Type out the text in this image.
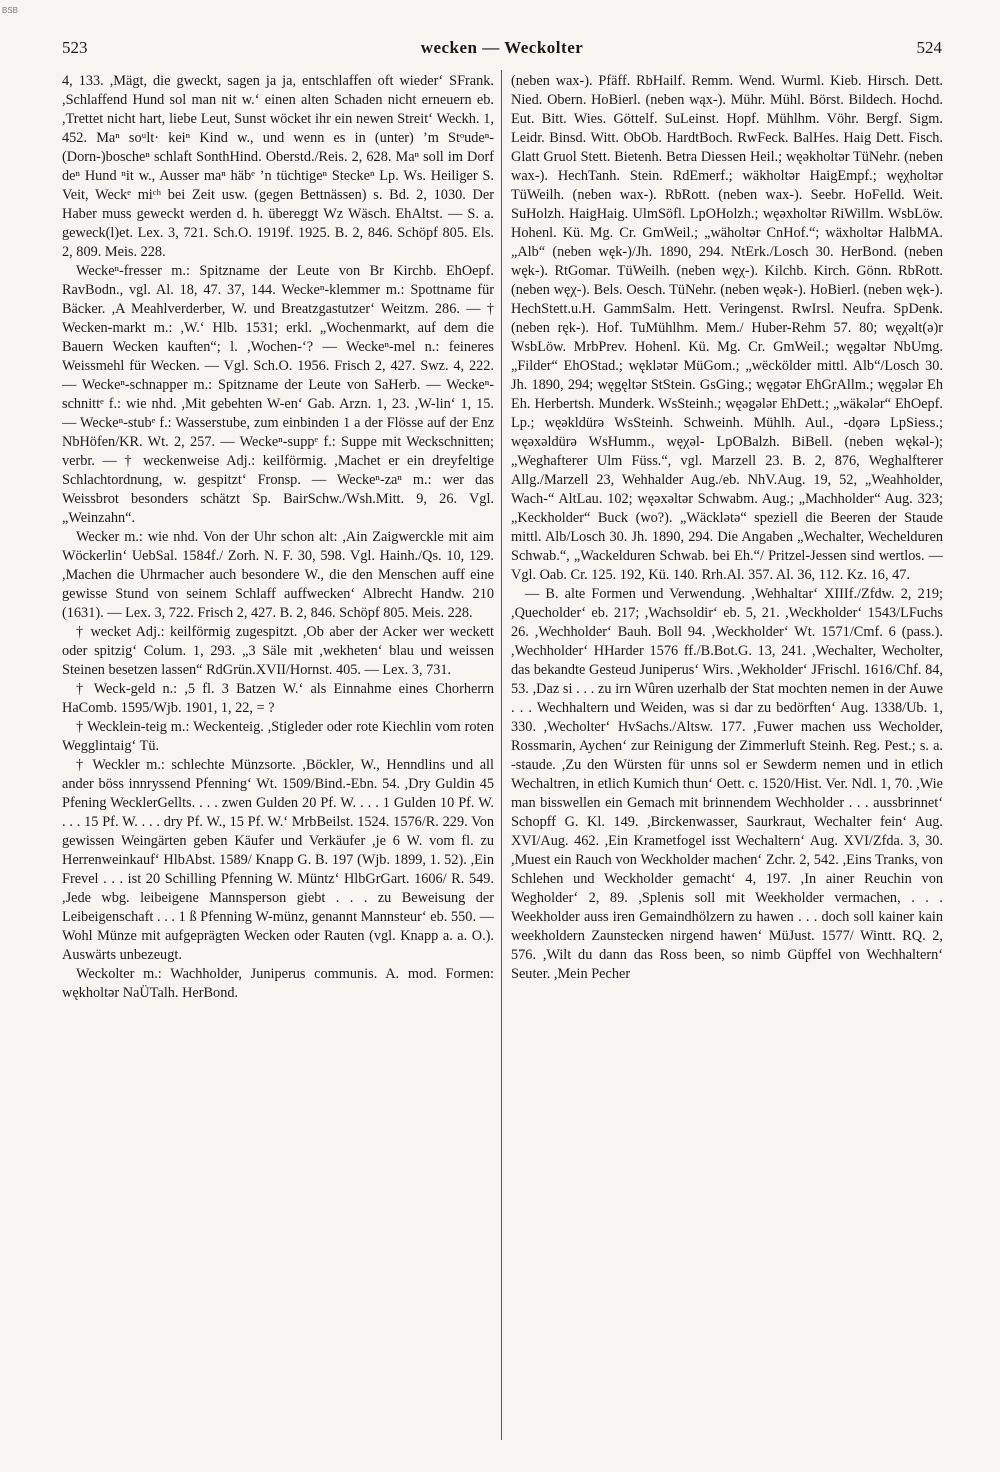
BSB
523	wecken — Weckolter	524

4, 133. ,Mägt, die gweckt, sagen ja ja, entschlaffen oft wieder‘ SFrank. ,Schlaffend Hund sol man nit w.‘ einen alten Schaden nicht erneuern eb. ,Trettet nicht hart, liebe Leut, Sunst wöcket ihr ein newen Streit‘ Weckh. 1, 452. Maⁿ soᵘlt· keiⁿ Kind w., und wenn es in (unter) ’m Stᵒudeⁿ-(Dorn-)boscheⁿ schlaft SonthHind. Oberstd./Reis. 2, 628. Maⁿ soll im Dorf deⁿ Hund ⁿit w., Ausser maⁿ häbᵉ ’n tüchtigeⁿ Steckeⁿ Lp. Ws. Heiliger S. Veit, Weckᵉ miᶜʰ bei Zeit usw. (gegen Bettnässen) s. Bd. 2, 1030. Der Haber muss geweckt werden d. h. übereggt Wz Wäsch. EhAltst. — S. a. geweck(l)et. Lex. 3, 721. Sch.O. 1919f. 1925. B. 2, 846. Schöpf 805. Els. 2, 809. Meis. 228.

Weckeⁿ-fresser m.: Spitzname der Leute von Br Kirchb. EhOepf. RavBodn., vgl. Al. 18, 47. 37, 144. Weckeⁿ-klemmer m.: Spottname für Bäcker. ,A Meahlverderber, W. und Breatzgastutzer‘ Weitzm. 286. — † Wecken-markt m.: ,W.‘ Hlb. 1531; erkl. „Wochenmarkt, auf dem die Bauern Wecken kauften“; l. ,Wochen-‘? — Weckeⁿ-mel n.: feineres Weissmehl für Wecken. — Vgl. Sch.O. 1956. Frisch 2, 427. Swz. 4, 222. — Weckeⁿ-schnapper m.: Spitzname der Leute von SaHerb. — Weckeⁿ-schnittᵉ f.: wie nhd. ,Mit gebehten W-en‘ Gab. Arzn. 1, 23. ,W-lin‘ 1, 15. — Weckeⁿ-stubᵉ f.: Wasserstube, zum einbinden 1 a der Flösse auf der Enz NbHöfen/KR. Wt. 2, 257. — Weckeⁿ-suppᵉ f.: Suppe mit Weckschnitten; verbr. — † weckenweise Adj.: keilförmig. ,Machet er ein dreyfeltige Schlachtordnung, w. gespitzt‘ Fronsp. — Weckeⁿ-zaⁿ m.: wer das Weissbrot besonders schätzt Sp. BairSchw./Wsh.Mitt. 9, 26. Vgl. „Weinzahn“.

Wecker m.: wie nhd. Von der Uhr schon alt: ,Ain Zaigwerckle mit aim Wöckerlin‘ UebSal. 1584f./ Zorh. N. F. 30, 598. Vgl. Hainh./Qs. 10, 129. ,Machen die Uhrmacher auch besondere W., die den Menschen auff eine gewisse Stund von seinem Schlaff auffwecken‘ Albrecht Handw. 210 (1631). — Lex. 3, 722. Frisch 2, 427. B. 2, 846. Schöpf 805. Meis. 228.

† wecket Adj.: keilförmig zugespitzt. ,Ob aber der Acker wer weckett oder spitzig‘ Colum. 1, 293. „3 Säle mit ,wekheten‘ blau und weissen Steinen besetzen lassen“ RdGrün.XVII/Hornst. 405. — Lex. 3, 731.

† Weck-geld n.: ,5 fl. 3 Batzen W.‘ als Einnahme eines Chorherrn HaComb. 1595/Wjb. 1901, 1, 22, = ?

† Wecklein-teig m.: Weckenteig. ,Stigleder oder rote Kiechlin vom roten Wegglintaig‘ Tü.

† Weckler m.: schlechte Münzsorte. ,Böckler, W., Henndlins und all ander böss innryssend Pfenning‘ Wt. 1509/Bind.-Ebn. 54. ,Dry Guldin 45 Pfening WecklerGellts. . . . zwen Gulden 20 Pf. W. . . . 1 Gulden 10 Pf. W. . . . 15 Pf. W. . . . dry Pf. W., 15 Pf. W.‘ MrbBeilst. 1524. 1576/R. 229. Von gewissen Weingärten geben Käufer und Verkäufer ,je 6 W. vom fl. zu Herrenweinkauf‘ HlbAbst. 1589/ Knapp G. B. 197 (Wjb. 1899, 1. 52). ,Ein Frevel . . . ist 20 Schilling Pfenning W. Müntz‘ HlbGrGart. 1606/ R. 549. ,Jede wbg. leibeigene Mannsperson giebt . . . zu Beweisung der Leibeigenschaft . . . 1 ß Pfenning W-münz, genannt Mannsteur‘ eb. 550. — Wohl Münze mit aufgeprägten Wecken oder Rauten (vgl. Knapp a. a. O.). Auswärts unbezeugt.

Weckolter m.: Wachholder, Juniperus communis. A. mod. Formen: wękholtər NaÜTalh. HerBond.

(neben wax-). Pfäff. RbHailf. Remm. Wend. Wurml. Kieb. Hirsch. Dett. Nied. Obern. HoBierl. (neben wąx-). Mühr. Mühl. Börst. Bildech. Hochd. Eut. Bitt. Wies. Göttelf. SuLeinst. Hopf. Mühlhm. Vöhr. Bergf. Sigm. Leidr. Binsd. Witt. ObOb. HardtBoch. RwFeck. BalHes. Haig Dett. Fisch. Glatt Gruol Stett. Bietenh. Betra Diessen Heil.; węəkholtər TüNehr. (neben wax-). HechTanh. Stein. RdEmerf.; wäkholtər HaigEmpf.; węχholtər TüWeilh. (neben wax-). RbRott. (neben wax-). Seebr. HoFelld. Weit. SuHolzh. HaigHaig. UlmSöfl. LpOHolzh.; węəxholtər RiWillm. WsbLöw. Hohenl. Kü. Mg. Cr. GmWeil.; „wäholtər CnHof.“; wäxholtər HalbMA. „Alb“ (neben węk-)/Jh. 1890, 294. NtErk./Losch 30. HerBond. (neben węk-). RtGomar. TüWeilh. (neben węχ-). Kilchb. Kirch. Gönn. RbRott. (neben węχ-). Bels. Oesch. TüNehr. (neben węək-). HoBierl. (neben węk-). HechStett.u.H. GammSalm. Hett. Veringenst. RwIrsl. Neufra. SpDenk. (neben ręk-). Hof. TuMühlhm. Mem./ Huber-Rehm 57. 80; węχəlt(ə)r WsbLöw. MrbPrev. Hohenl. Kü. Mg. Cr. GmWeil.; węgəltər NbUmg. „Filder“ EhOStad.; węklətər MüGom.; „wëckölder mittl. Alb“/Losch 30. Jh. 1890, 294; węgęltər StStein. GsGing.; węgətər EhGrAllm.; węgələr Eh Eh. Herbertsh. Munderk. WsSteinh.; węəgələr EhDett.; „wäkələr“ EhOepf. Lp.; węəkldürə WsSteinh. Schweinh. Mühlh. Aul., -dǫərə LpSiess.; węəxəldürə WsHumm., węχəl- LpOBalzh. BiBell. (neben wękəl-); „Weghafterer Ulm Füss.“, vgl. Marzell 23. B. 2, 876, Weghalfterer Allg./Marzell 23, Wehhalder Aug./eb. NhV.Aug. 19, 52, „Weahholder, Wach-“ AltLau. 102; węəxəltər Schwabm. Aug.; „Machholder“ Aug. 323; „Keckholder“ Buck (wo?). „Wäcklətə“ speziell die Beeren der Staude mittl. Alb/Losch 30. Jh. 1890, 294. Die Angaben „Wechalter, Wechelduren Schwab.“, „Wackelduren Schwab. bei Eh.“/ Pritzel-Jessen sind wertlos. — Vgl. Oab. Cr. 125. 192, Kü. 140. Rrh.Al. 357. Al. 36, 112. Kz. 16, 47.

— B. alte Formen und Verwendung. ,Wehhaltar‘ XIIIf./Zfdw. 2, 219; ,Quecholder‘ eb. 217; ,Wachsoldir‘ eb. 5, 21. ,Weckholder‘ 1543/LFuchs 26. ,Wechholder‘ Bauh. Boll 94. ,Weckholder‘ Wt. 1571/Cmf. 6 (pass.). ,Wechholder‘ HHarder 1576 ff./B.Bot.G. 13, 241. ,Wechalter, Wecholter, das bekandte Gesteud Juniperus‘ Wirs. ,Wekholder‘ JFrischl. 1616/Chf. 84, 53. ,Daz si . . . zu irn Wûren uzerhalb der Stat mochten nemen in der Auwe . . . Wechhaltern und Weiden, was si dar zu bedörften‘ Aug. 1338/Ub. 1, 330. ,Wecholter‘ HvSachs./Altsw. 177. ,Fuwer machen uss Wecholder, Rossmarin, Aychen‘ zur Reinigung der Zimmerluft Steinh. Reg. Pest.; s. a. -staude. ,Zu den Würsten für unns sol er Sewderm nemen und in etlich Wechaltren, in etlich Kumich thun‘ Oett. c. 1520/Hist. Ver. Ndl. 1, 70. ,Wie man bisswellen ein Gemach mit brinnendem Wechholder . . . aussbrinnet‘ Schopff G. Kl. 149. ,Birckenwasser, Saurkraut, Wechalter fein‘ Aug. XVI/Aug. 462. ,Ein Krametfogel isst Wechaltern‘ Aug. XVI/Zfda. 3, 30. ,Muest ein Rauch von Weckholder machen‘ Zchr. 2, 542. ,Eins Tranks, von Schlehen und Weckholder gemacht‘ 4, 197. ,In ainer Reuchin von Wegholder‘ 2, 89. ,Splenis soll mit Weekholder vermachen, . . . Weekholder auss iren Gemaindhölzern zu hawen . . . doch soll kainer kain weekholdern Zaunstecken nirgend hawen‘ MüJust. 1577/ Wintt. RQ. 2, 576. ,Wilt du dann das Ross been, so nimb Güpffel von Wechhaltern‘ Seuter. ,Mein Pecher
